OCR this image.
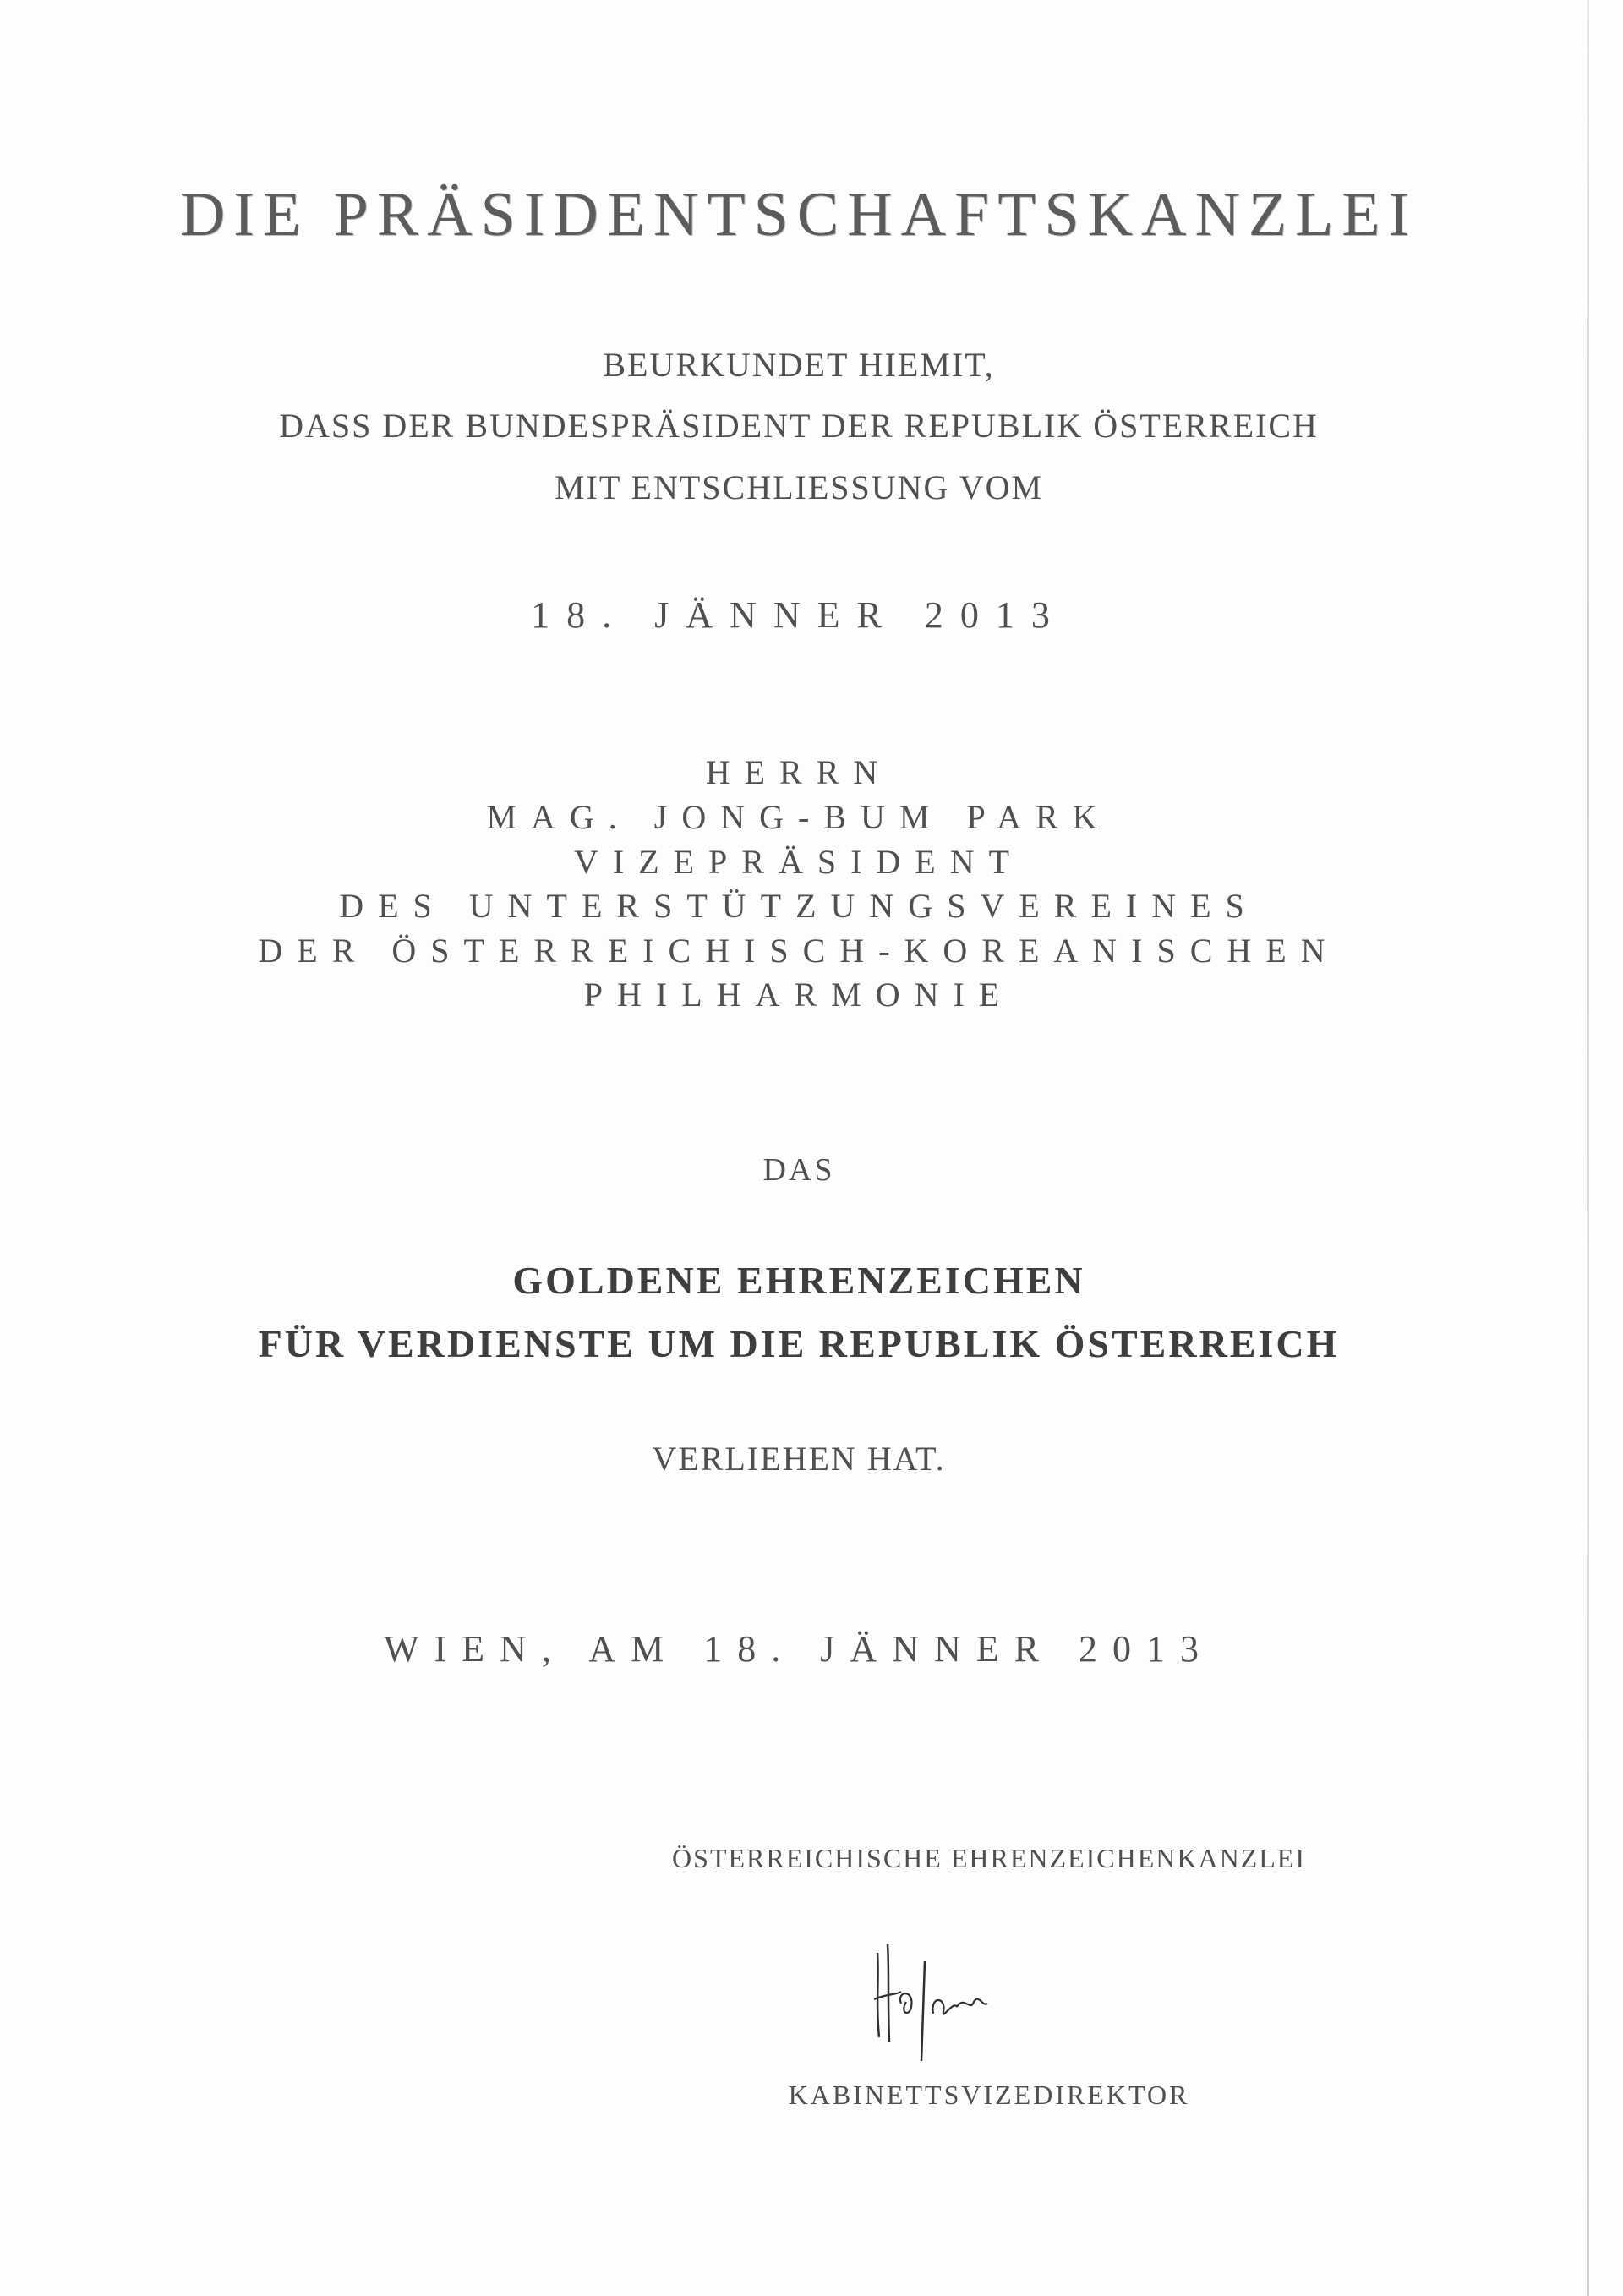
DIE PRÄSIDENTSCHAFTSKANZLEI
BEURKUNDET HIEMIT,
DASS DER BUNDESPRÄSIDENT DER REPUBLIK ÖSTERREICH
MIT ENTSCHLIESSUNG VOM
18. JÄNNER 2013
HERRN
MAG. JONG-BUM PARK
VIZEPRÄSIDENT
DES UNTERSTÜTZUNGSVEREINES
DER ÖSTERREICHISCH-KOREANISCHEN
PHILHARMONIE
DAS
GOLDENE EHRENZEICHEN
FÜR VERDIENSTE UM DIE REPUBLIK ÖSTERREICH
VERLIEHEN HAT.
WIEN, AM 18. JÄNNER 2013
ÖSTERREICHISCHE EHRENZEICHENKANZLEI
KABINETTSVIZEDIREKTOR
